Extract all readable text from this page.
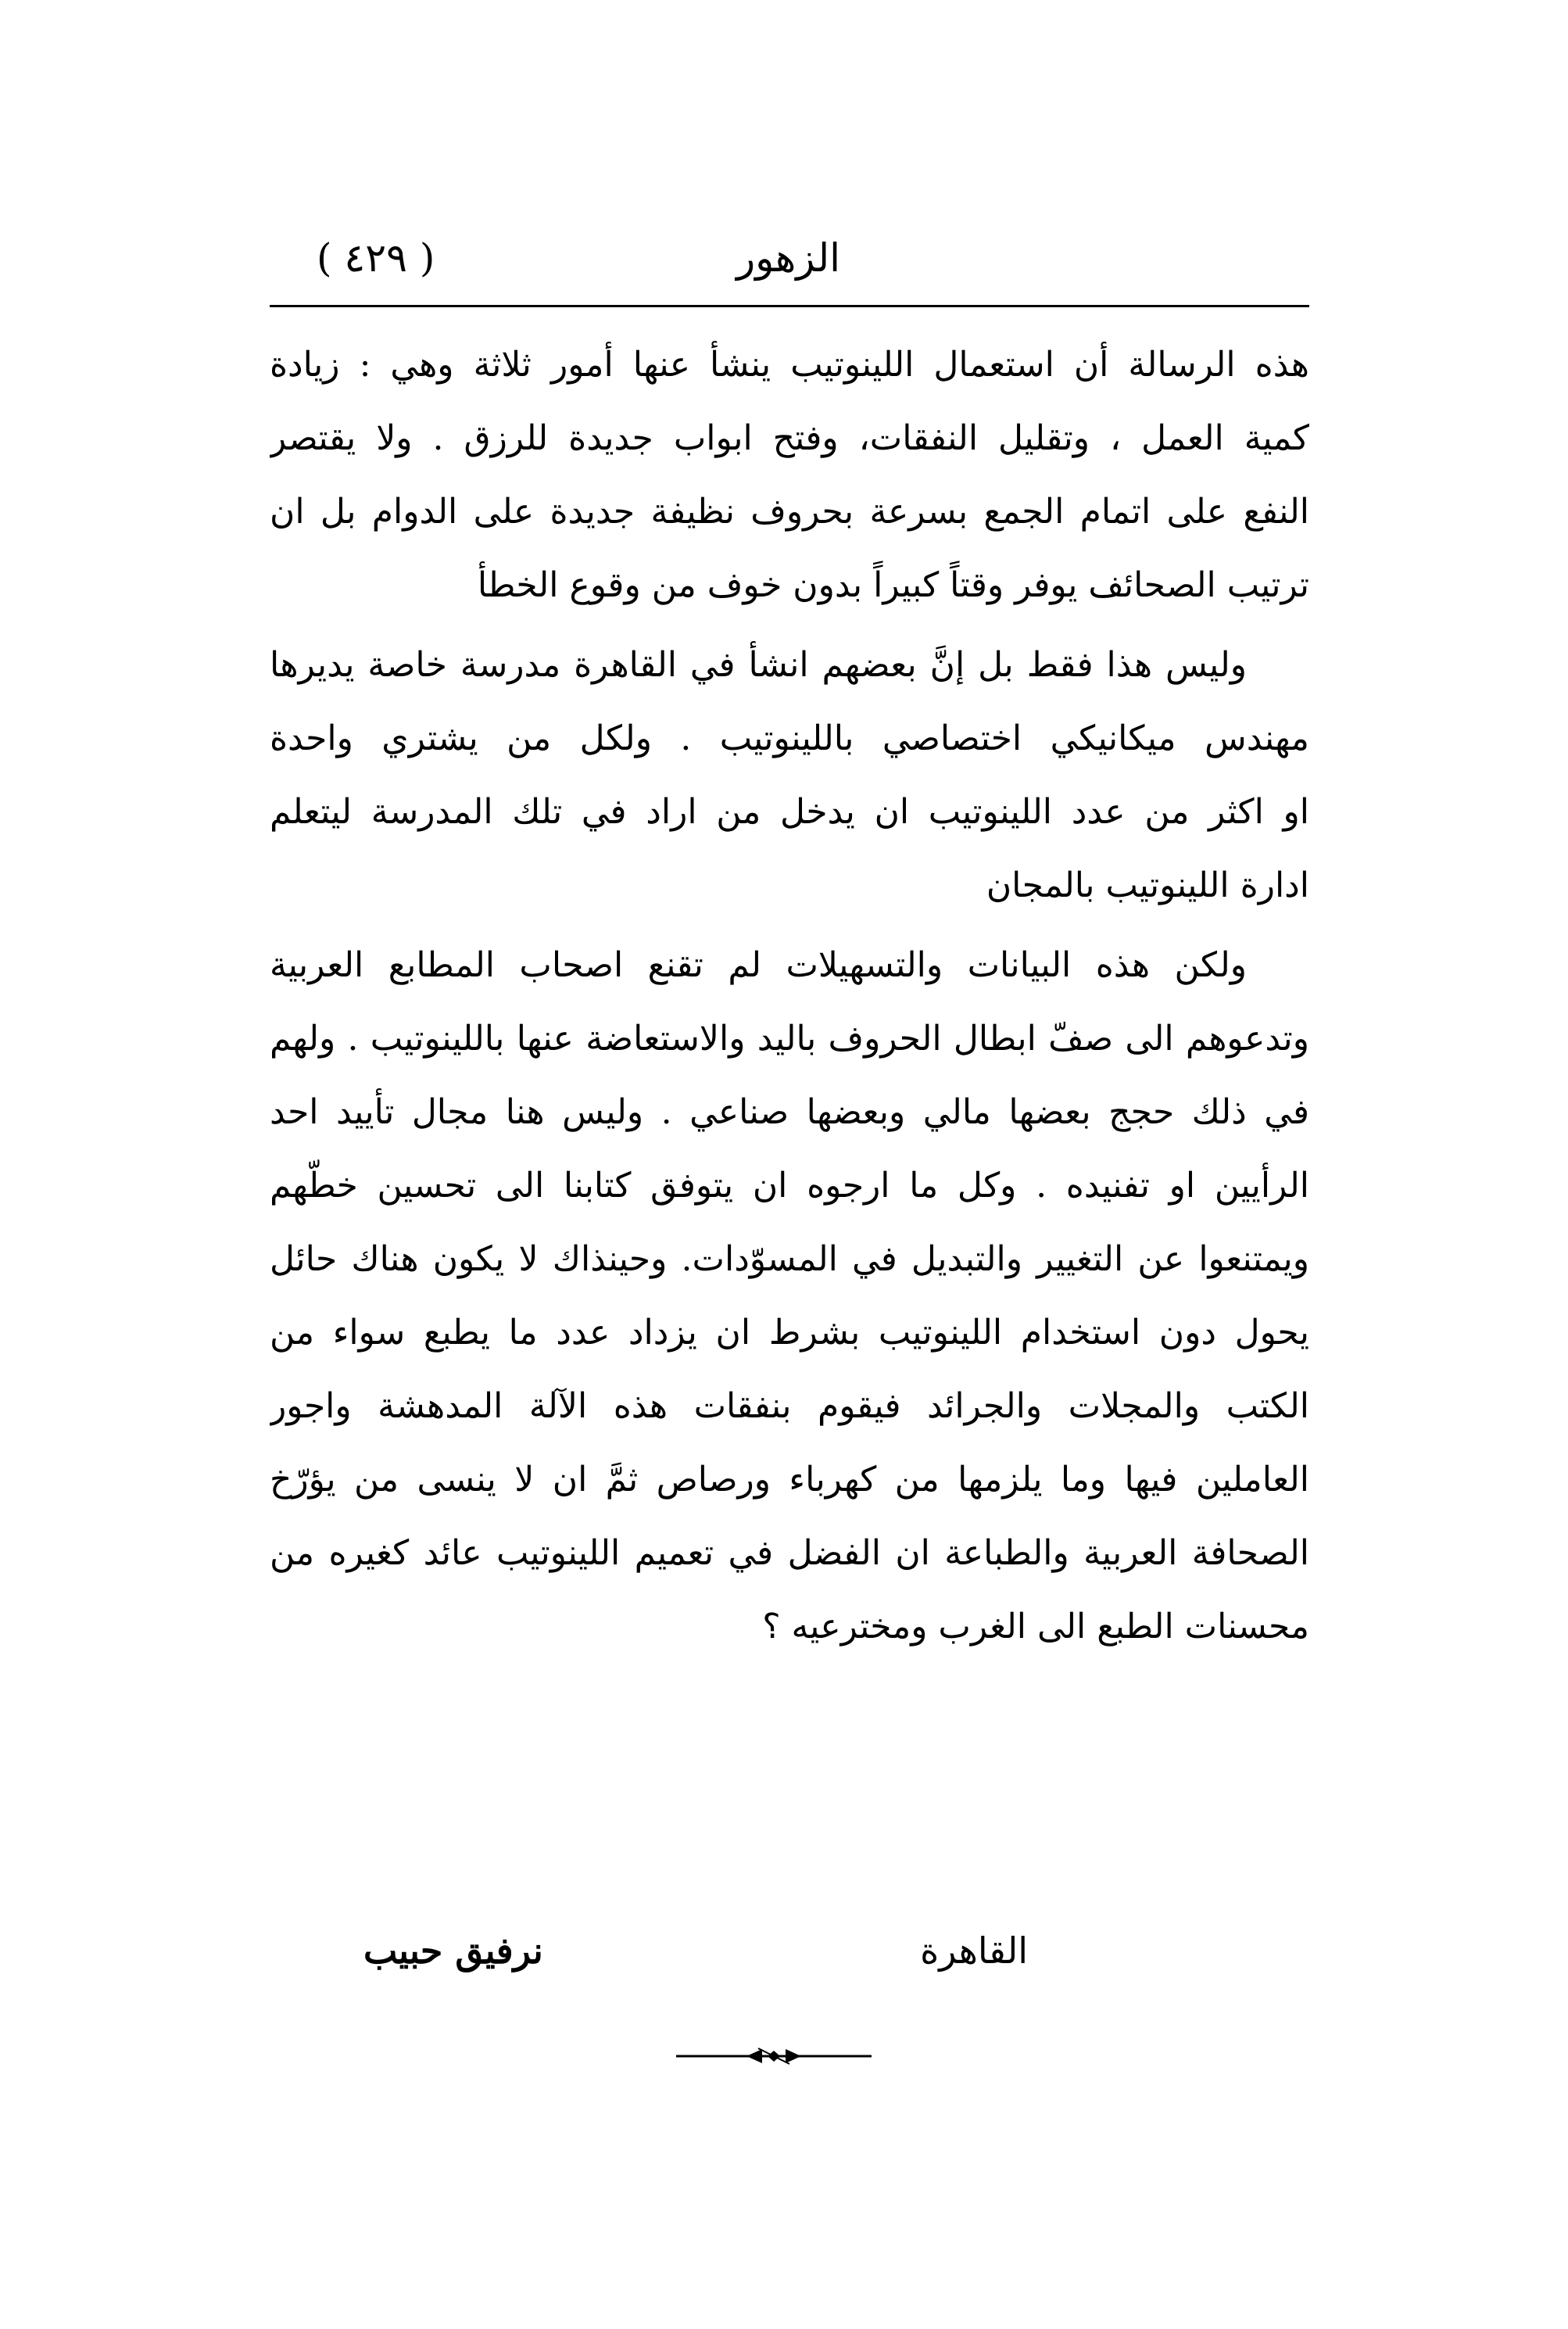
الزهور
( ٤٢٩ )
هذه الرسالة أن استعمال اللينوتيب ينشأ عنها أمور ثلاثة وهي : زيادة
كمية العمل ، وتقليل النفقات، وفتح ابواب جديدة للرزق . ولا يقتصر
النفع على اتمام الجمع بسرعة بحروف نظيفة جديدة على الدوام بل ان
ترتيب الصحائف يوفر وقتاً كبيراً بدون خوف من وقوع الخطأ
وليس هذا فقط بل إنَّ بعضهم انشأ في القاهرة مدرسة خاصة يديرها
مهندس ميكانيكي اختصاصي باللينوتيب . ولكل من يشتري واحدة
او اكثر من عدد اللينوتيب ان يدخل من اراد في تلك المدرسة ليتعلم
ادارة اللينوتيب بالمجان
ولكن هذه البيانات والتسهيلات لم تقنع اصحاب المطابع العربية
وتدعوهم الى صفّ ابطال الحروف باليد والاستعاضة عنها باللينوتيب . ولهم
في ذلك حجج بعضها مالي وبعضها صناعي . وليس هنا مجال تأييد احد
الرأيين او تفنيده . وكل ما ارجوه ان يتوفق كتابنا الى تحسين خطّهم
ويمتنعوا عن التغيير والتبديل في المسوّدات. وحينذاك لا يكون هناك حائل
يحول دون استخدام اللينوتيب بشرط ان يزداد عدد ما يطبع سواء من
الكتب والمجلات والجرائد فيقوم بنفقات هذه الآلة المدهشة واجور
العاملين فيها وما يلزمها من كهرباء ورصاص ثمَّ ان لا ينسى من يؤرّخ
الصحافة العربية والطباعة ان الفضل في تعميم اللينوتيب عائد كغيره من
محسنات الطبع الى الغرب ومخترعيه ؟
القاهرة
نرفيق حبيب
